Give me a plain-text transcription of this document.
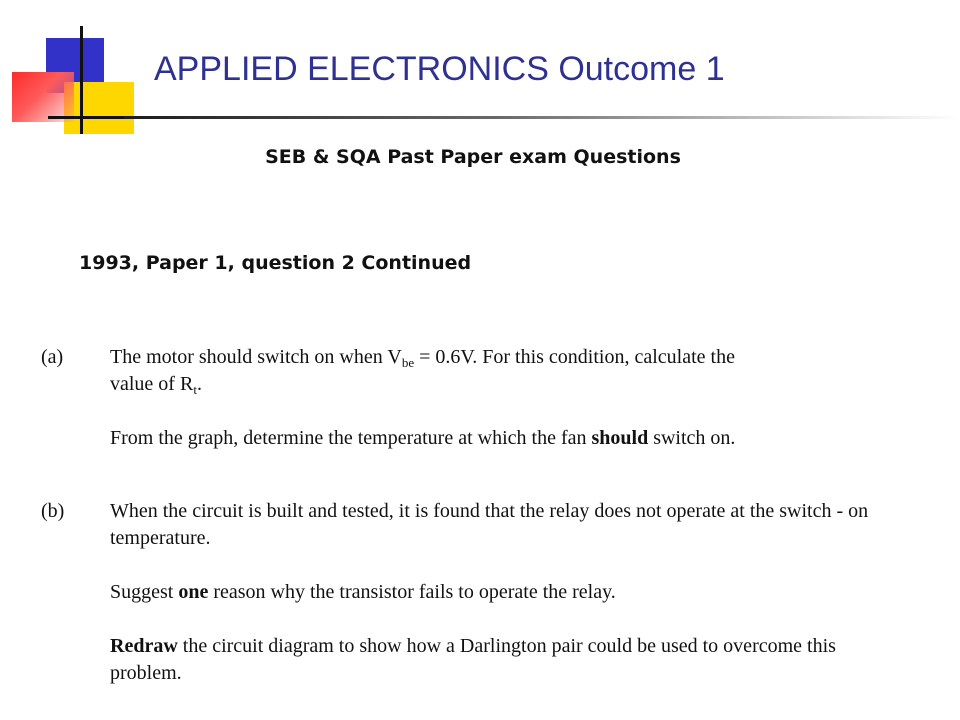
APPLIED ELECTRONICS Outcome 1
SEB & SQA Past Paper exam Questions
1993, Paper 1, question 2 Continued
(a) The motor should switch on when $V_{be} = 0.6V$. For this condition, calculate the

value of $R_t$.

From the graph, determine the temperature at which the fan should switch on.

(b) When the circuit is built and tested, it is found that the relay does not operate at the switch - on temperature.

Suggest one reason why the transistor fails to operate the relay.

Redraw the circuit diagram to show how a Darlington pair could be used to overcome this problem.
